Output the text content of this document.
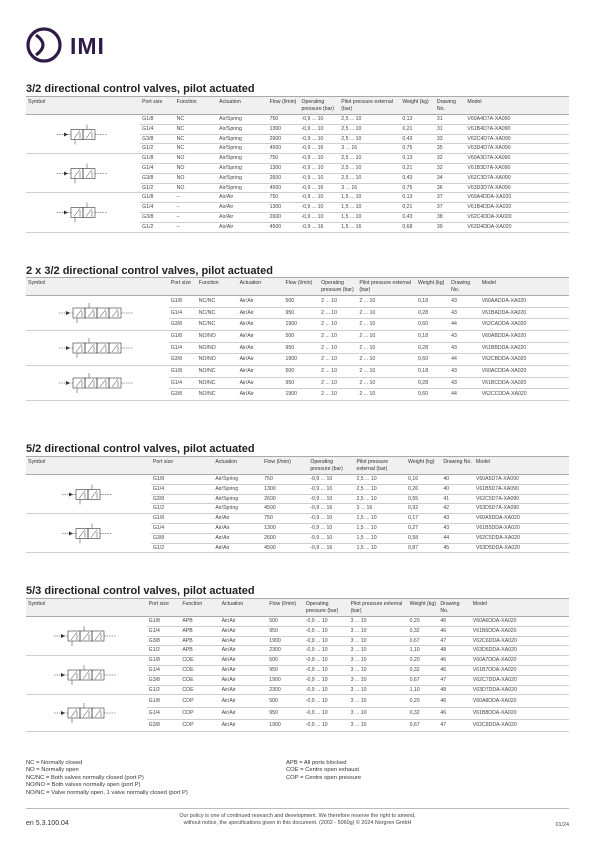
IMI
3/2 directional control valves, pilot actuated
2 x 3/2 directional control valves, pilot actuated
5/2 directional control valves, pilot actuated
5/3 directional control valves, pilot actuated
Symbol	Port size	Function	Actuation	Flow (l/min)	Operating pressure (bar)	Pilot pressure external (bar)	Weight (kg)	Drawing No.	Model

	G1/8	NC	Air/Spring	750	-0,9 ... 10	2,5 ... 10	0,13	31	V60A4D7A-XA090
	G1/4	NC	Air/Spring	1300	-0,9 ... 10	2,5 ... 10	0,21	31	V61B4D7A-XA090
	G3/8	NC	Air/Spring	2600	-0,9 ... 10	2,5 ... 10	0,43	33	V62C4D7A-XA090
	G1/2	NC	Air/Spring	4500	-0,9 ... 16	3 ... 16	0,75	35	V63D4D7A-XA090

	G1/8	NO	Air/Spring	750	-0,9 ... 10	2,5 ... 10	0,13	32	V60A3D7A-XA090
	G1/4	NO	Air/Spring	1300	-0,9 ... 10	2,5 ... 10	0,21	32	V61B3D7A-XA090
	G3/8	NO	Air/Spring	2600	-0,9 ... 10	2,5 ... 10	0,43	34	V62C3D7A-XA090
	G1/2	NO	Air/Spring	4500	-0,9 ... 16	3 ... 16	0,75	36	V63D3D7A-XA090

	G1/8	–	Air/Air	750	-0,9 ... 10	1,5 ... 10	0,13	37	V60A4DDA-XA020
	G1/4	–	Air/Air	1300	-0,9 ... 10	1,5 ... 10	0,21	37	V61B4DDA-XA020
	G3/8	–	Air/Air	2600	-0,9 ... 10	1,5 ... 10	0,43	38	V62C4DDA-XA020
	G1/2	–	Air/Air	4500	-0,9 ... 16	1,5 ... 16	0,68	39	V63D4DDA-XA020
Symbol	Port size	Function	Actuation	Flow (l/min)	Operating pressure (bar)	Pilot pressure external (bar)	Weight (kg)	Drawing No.	Model

	G1/8	NC/NC	Air/Air	500	2 ... 10	2 ... 10	0,18	43	V60AADDA-XA020
	G1/4	NC/NC	Air/Air	950	2 ... 10	2 ... 10	0,28	43	V61BADDA-XA020
	G3/8	NC/NC	Air/Air	1900	2 ... 10	2 ... 10	0,60	44	V62CADDA-XA020

	G1/8	NO/NO	Air/Air	500	2 ... 10	2 ... 10	0,18	43	V60ABDDA-XA020
	G1/4	NO/NO	Air/Air	950	2 ... 10	2 ... 10	0,28	43	V61BBDDA-XA020
	G3/8	NO/NO	Air/Air	1900	2 ... 10	2 ... 10	0,60	44	V62CBDDA-XA020

	G1/8	NO/NC	Air/Air	500	2 ... 10	2 ... 10	0,18	43	V60ACDDA-XA020
	G1/4	NO/NC	Air/Air	950	2 ... 10	2 ... 10	0,28	43	V61BCDDA-XA020
	G3/8	NO/NC	Air/Air	1900	2 ... 10	2 ... 10	0,60	44	V62CCDDA-XA020
Symbol	Port size	Actuation	Flow (l/min)	Operating pressure (bar)	Pilot pressure external (bar)	Weight (kg)	Drawing No.	Model

	G1/8	Air/Spring	750	-0,9 ... 10	2,5 ... 10	0,16	40	V60A5D7A-XA090
	G1/4	Air/Spring	1300	-0,9 ... 10	2,5 ... 10	0,26	40	V61B5D7A-XA090
	G3/8	Air/Spring	2600	-0,9 ... 10	2,5 ... 10	0,55	41	V62C5D7A-XA090
	G1/2	Air/Spring	4500	-0,9 ... 16	3 ... 16	0,92	42	V63D5D7A-XA090

	G1/8	Air/Air	750	-0,9 ... 10	1,5 ... 10	0,17	43	V60A5DDA-XA020
	G1/4	Air/Air	1300	-0,9 ... 10	1,5 ... 10	0,27	43	V61B5DDA-XA020
	G3/8	Air/Air	2600	-0,9 ... 10	1,5 ... 10	0,58	44	V62C5DDA-XA020
	G1/2	Air/Air	4500	-0,9 ... 16	1,5 ... 10	0,87	45	V63D5DDA-XA020
Symbol	Port size	Function	Actuation	Flow (l/min)	Operating pressure (bar)	Pilot pressure external (bar)	Weight (kg)	Drawing No.	Model

	G1/8	APB	Air/Air	500	-0,9 ... 10	3 ... 10	0,20	46	V60A6DDA-XA020
	G1/4	APB	Air/Air	950	-0,9 ... 10	3 ... 10	0,32	46	V61B6DDA-XA020
	G3/8	APB	Air/Air	1900	-0,9 ... 10	3 ... 10	0,67	47	V62C6DDA-XA020
	G1/2	APB	Air/Air	2300	-0,9 ... 10	3 ... 10	1,10	48	V63D6DDA-XA020

	G1/8	COE	Air/Air	500	-0,9 ... 10	3 ... 10	0,20	46	V60A7DDA-XA020
	G1/4	COE	Air/Air	950	-0,9 ... 10	3 ... 10	0,32	46	V61B7DDA-XA020
	G3/8	COE	Air/Air	1900	-0,9 ... 10	3 ... 10	0,67	47	V62C7DDA-XA020
	G1/2	COE	Air/Air	2300	-0,9 ... 10	3 ... 10	1,10	48	V63D7DDA-XA020

	G1/8	COP	Air/Air	500	-0,9 ... 10	3 ... 10	0,20	46	V60A8DDA-XA020
	G1/4	COP	Air/Air	950	-0,9 ... 10	3 ... 10	0,32	46	V61B8DDA-XA020
	G3/8	COP	Air/Air	1900	-0,9 ... 10	3 ... 10	0,67	47	V62C8DDA-XA020
NC = Normally closed
NO = Normally open
NC/NC = Both valves normally closed (port P)
NO/NO = Both valves normally open (port P)
NO/NC = Valve normally open, 1 valve normally closed (port P)
APB = All ports blocked
COE = Centre open exhaust
COP = Centre open pressure
en 5.3.100.04
Our policy is one of continued research and development. We therefore reserve the right to amend,
without notice, the specifications given in this document. (2002 - 5060g) © 2024 Norgren GmbH	01/24
